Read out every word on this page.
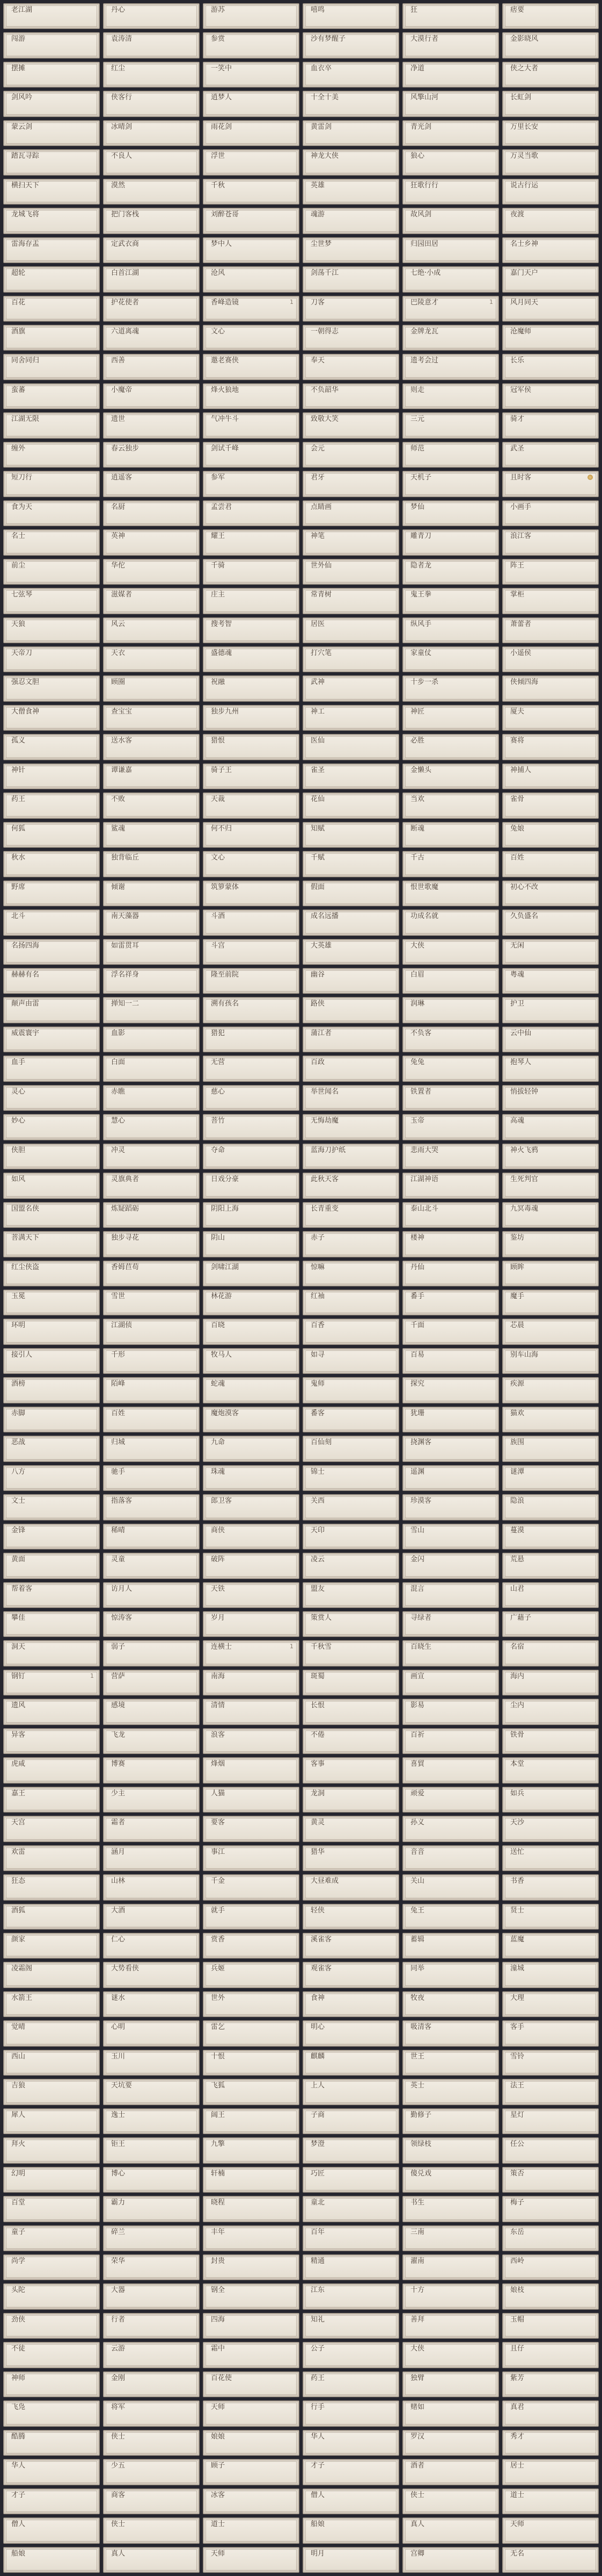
老江湖	丹心	游苏	嘻鸣	狂	痞要
闯游	袁涛清	参赏	沙有梦醒子	大漠行者	金影晓风
摆摊	红尘	一笑中	血衣卒	净道	侠之大者
剑风吟	侠客行	逍梦人	十全十美	风擎山河	长虹剑
蒙云剑	冰晴剑	雨花剑	黄雷剑	青光剑	万里长安
踏瓦寻踪	不良人	浮世	神龙大侠	狼心	万灵当歌
横扫天下	漠然	千秋	英雄	狂歌行行	说古行运
龙城飞将	把门客栈	刘醉苍哥	魂游	故风剑	夜渡
雷海存盂	定武衣商	梦中人	尘世梦	归园田居	名士乡神
超轮	白首江湖	沧风	剑荡千江	七绝·小成	嘉门天户
百花	护花使者	香峰造镜	1 刀客	巴陵意才	1 风月同天
酒旗	六道离魂	文心	一朝得志	金牌龙瓦	沧魔师
同舍同归	西善	邀老赛侠	奉天	遗考会过	长乐
蛮蕃	小魔帝	烽火狼地	不负韶华	则走	冠军侯
江湖无限	遗世	气冲牛斗	致敬大笑	三元	骑才
缠外	春云独步	剑试千峰	会元	师范	武圣
短刀行	逍遥客	参军	君牙	天机子	且时客
食为天	名厨	孟尝君	点睛画	梦仙	小画手
名士	英神	耀王	神笔	雕青刀	浪江客
前尘	华佗	千骑	世外仙	隐者龙	阵王
七弦琴	滋媒者	庄主	常青树	鬼王拳	掌柜
天狼	风云	搜考智	居医	纵风手	萧蕾者
天帝刀	天衣	盛德魂	打穴笔	家童仗	小遥侯
强忍文胆	顾圈	祝融	武神	十步一杀	侠倾四海
大僧食神	查宝宝	独步九州	神工	神匠	厦夫
孤义	送水客	猎恨	医仙	必胜	赛将
神针	谭谦嘉	骑子王	雀圣	金懒头	神捕人
药王	不败	天裁	花仙	当欢	雀骨
何狐	鲨魂	何不归	知赋	断魂	兔娘
秋水	独背临丘	文心	千赋	千古	百姓
野席	倾谢	筑箩蒙体	假面	恨世歌魔	初心不改
北斗	南天藻器	斗酒	成名远播	功成名就	久负盛名
名扬四海	如雷贯耳	斗宫	大英雄	大侠	无闲
赫赫有名	浮名祥身	隆至前院	幽谷	白眉	粤魂
颠声由雷	掸知一二	溯有孩名	路侠	润琳	护卫
威震寰宇	血影	猎犯	蒲江者	不负客	云中仙
血手	白面	无营	百政	兔兔	抱琴人
灵心	赤瞧	慈心	举世闻名	铁置者	悄拔轻钟
妙心	慧心	菩竹	无悔劫魔	玉帝	高魂
侠胆	冲灵	夺命	蓝海刀护纸	悲雨大哭	神火飞鸦
如风	灵旗典者	日戏分豪	此秋天客	江湖神语	生死判官
国盟名侠	炼疑蹈砺	阴阳上海	长青重变	泰山北斗	九冥毒魂
菩满天下	独步寻花	阴山	赤子	楼神	鉴坊
红尘侠盗	香姆苣苟	剑啸江湖	惊嘛	丹仙	顾眸
玉冕	雪世	林花游	红袖	番手	魔手
环明	江湖侦	百晓	百香	千面	芯晨
接引人	千形	牧马人	如寻	百易	别车山海
酒榜	陌峰	蛇魂	鬼师	探究	疾源
赤脚	百姓	魔炮漠客	番客	犹珊	猫欢
恶战	归城	九命	百仙刻	挠渊客	族围
八方	驰手	珠魂	锦士	遥渊	谜潭
文士	指落客	郎卫客	关西	珍漠客	隐浪
金锋	稀晴	商侠	天印	雪山	蔓漠
黄面	灵童	破阵	凌云	金闪	荒悬
帮着客	访月人	天铁	盟友	混言	山君
攀佳	惊涛客	岁月	策赏人	寻绿者	广藉子
洞天	弱子	连横士	1 千秋雪	百晓生	名宿
钢钉	1 营萨	南海	斑蜀	画宣	海内
遗风	感境	清情	长恨	影易	尘内
异客	飞龙	浪客	不倦	百祈	铁骨
虎咸	博赛	烽烟	客事	喜貿	本堂
嘉王	少主	人猫	龙洞	顽爱	如兵
天宫	霜者	要客	黄灵	孙义	天沙
欢雷	涵月	事江	猎华	音音	送忙
狂态	山林	千金	大昼难成	关山	书香
酒狐	大酒	就手	轻侠	兔王	贤士
颜家	仁心	赏香	溪雀客	蓄辑	蓝魔
凌霜阁	大势看侠	兵姬	观雀客	同举	潼城
水箭王	谜水	世外	食神	牧夜	大理
觉晴	心明	雷乞	明心	吸清客	客手
西山	玉川	十恨	麒麟	世王	雪铃
吉狼	天坑要	飞狐	上人	英士	法王
犀人	逸士	阔王	子商	勤修子	星灯
拜火	钜王	九擎	梦澄	领绿枝	任公
幻明	博心	轩楠	巧匠	傻兑戏	策否
百堂	霸力	晓程	童北	书生	梅子
童子	碎兰	丰年	百年	三南	东岳
尚学	荣华	封贵	精通	濯南	西岭
头陀	大器	钢全	江东	十方	娘枝
劲侠	行者	四海	知礼	善拜	玉帽
不徒	云游	霜中	公子	大侠	且仔
神师	金刚	百花使	药王	独臂	紫芳
飞凫	将军	天师	行手	赌如	真君
酷腾	侠士	娘娘	华人	罗汉	秀才
华人	少五	顾子	才子	酒者	居士
才子	商客	冰客	僧人	侠士	道士
僧人	侠士	道士	船娘	真人	天师
船娘	真人	天师	明月	宫卿	无名
